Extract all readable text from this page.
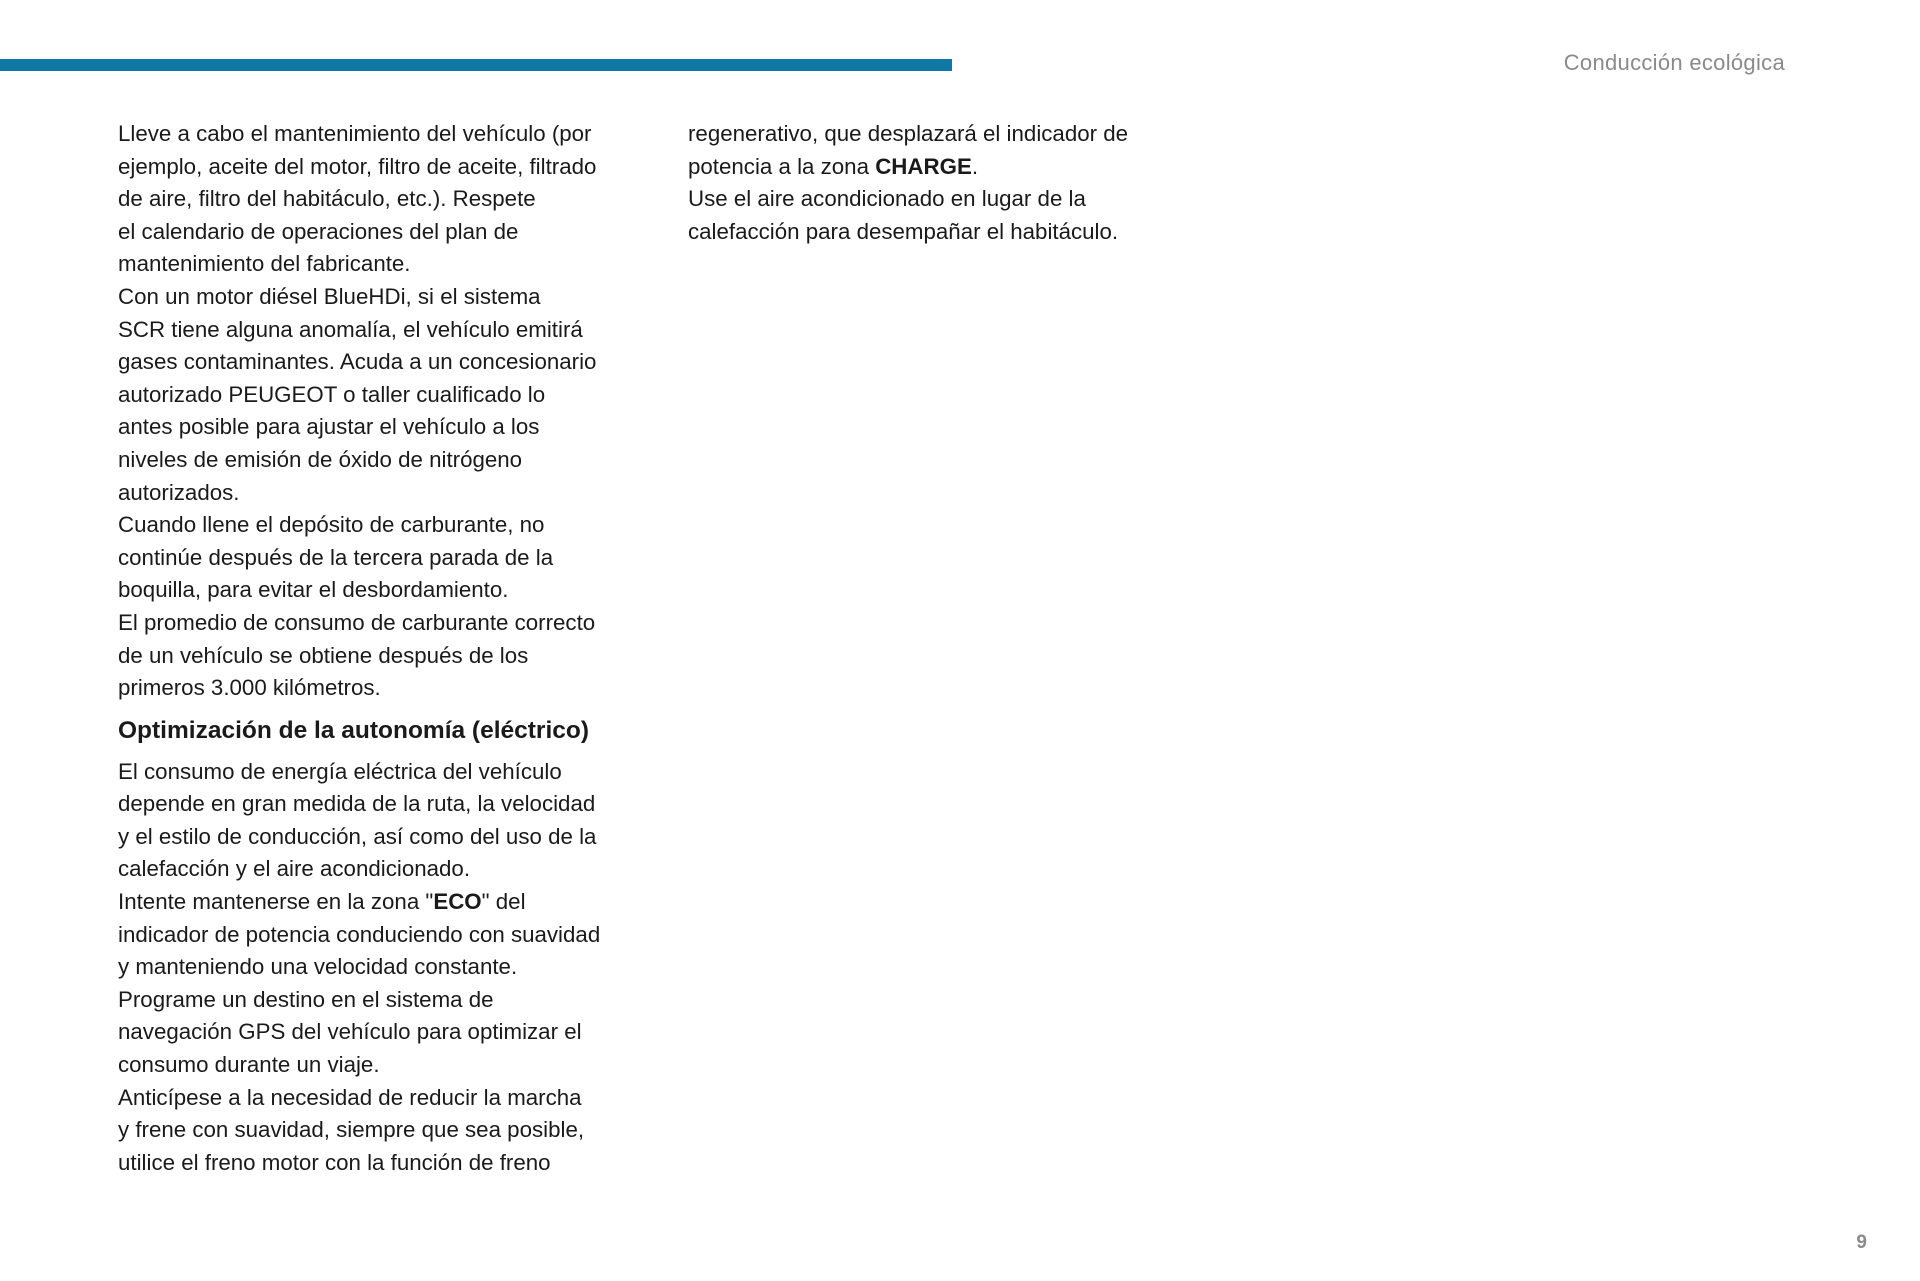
Conducción ecológica

Lleve a cabo el mantenimiento del vehículo (por
ejemplo, aceite del motor, filtro de aceite, filtrado
de aire, filtro del habitáculo, etc.). Respete
el calendario de operaciones del plan de
mantenimiento del fabricante.

Con un motor diésel BlueHDi, si el sistema
SCR tiene alguna anomalía, el vehículo emitirá
gases contaminantes. Acuda a un concesionario
autorizado PEUGEOT o taller cualificado lo
antes posible para ajustar el vehículo a los
niveles de emisión de óxido de nitrógeno
autorizados.

Cuando llene el depósito de carburante, no
continúe después de la tercera parada de la
boquilla, para evitar el desbordamiento.

El promedio de consumo de carburante correcto
de un vehículo se obtiene después de los
primeros 3.000 kilómetros.

Optimización de la autonomía (eléctrico)

El consumo de energía eléctrica del vehículo
depende en gran medida de la ruta, la velocidad
y el estilo de conducción, así como del uso de la
calefacción y el aire acondicionado.

Intente mantenerse en la zona "ECO" del
indicador de potencia conduciendo con suavidad
y manteniendo una velocidad constante.

Programe un destino en el sistema de
navegación GPS del vehículo para optimizar el
consumo durante un viaje.

Anticípese a la necesidad de reducir la marcha
y frene con suavidad, siempre que sea posible,
utilice el freno motor con la función de freno

regenerativo, que desplazará el indicador de
potencia a la zona CHARGE.

Use el aire acondicionado en lugar de la
calefacción para desempañar el habitáculo.

9
